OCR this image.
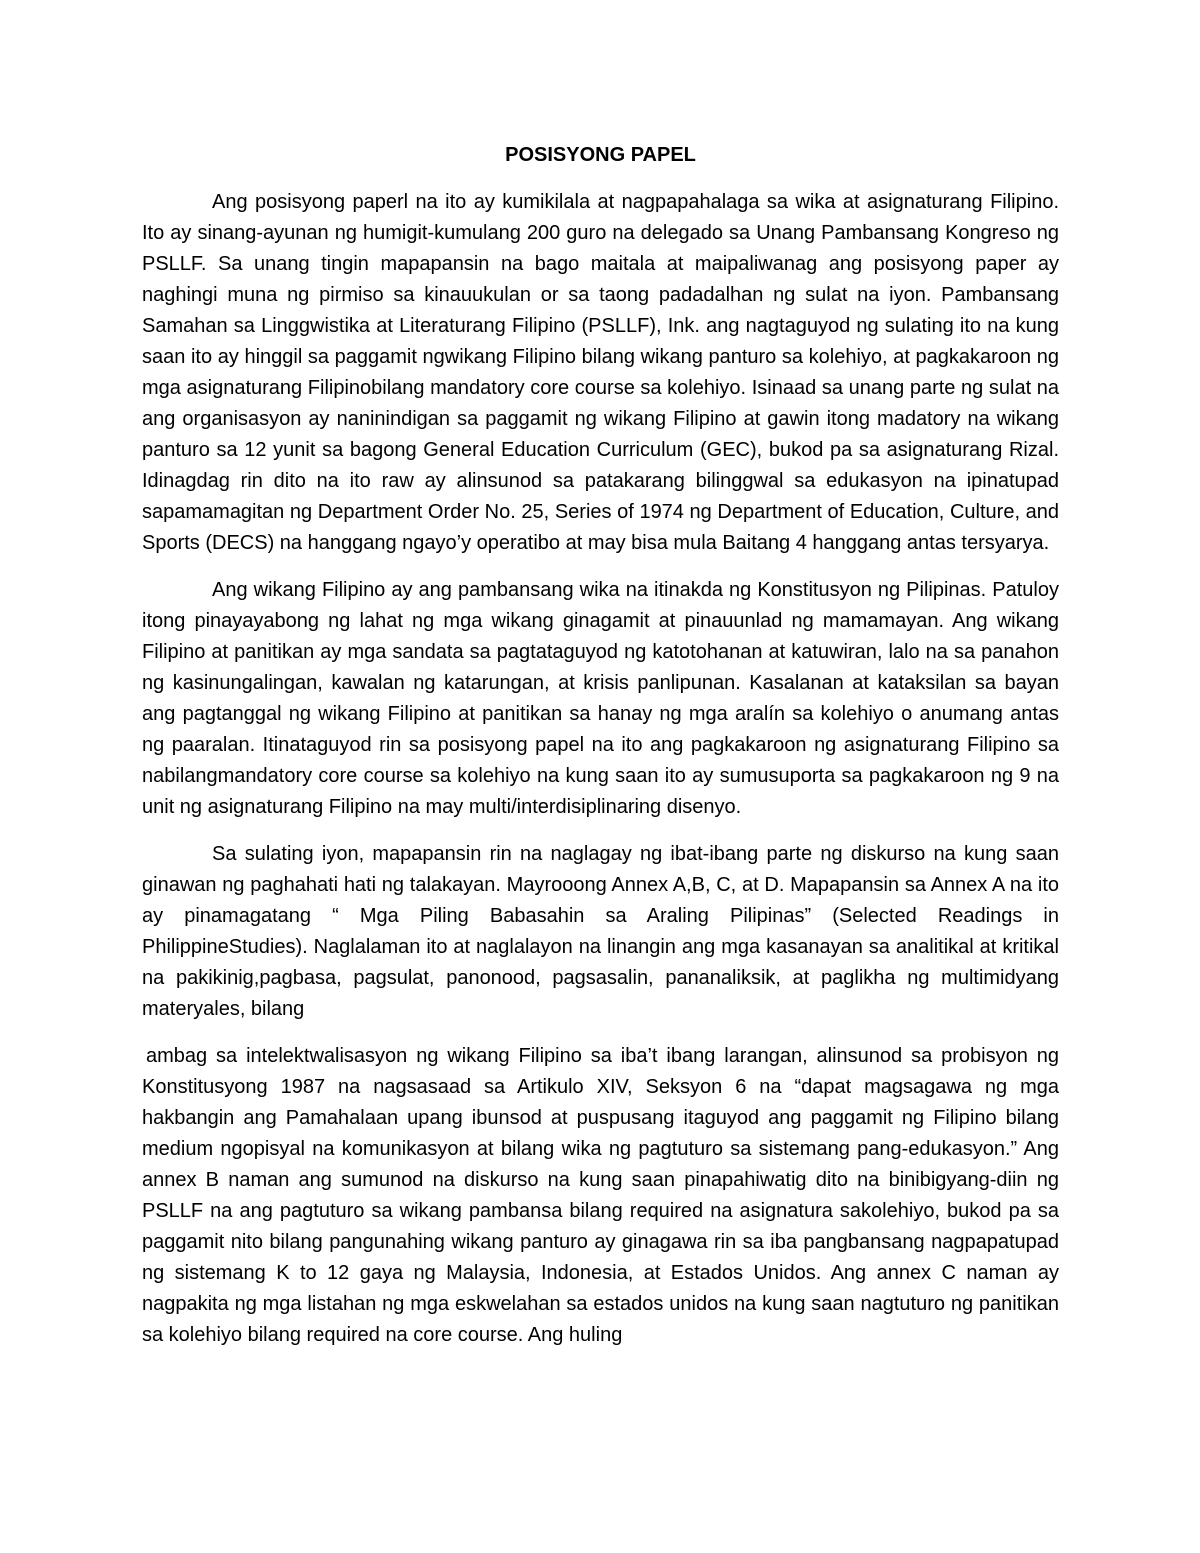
POSISYONG PAPEL

Ang posisyong paperl na ito ay kumikilala at nagpapahalaga sa wika at asignaturang Filipino. Ito ay sinang-ayunan ng humigit-kumulang 200 guro na delegado sa Unang Pambansang Kongreso ng PSLLF. Sa unang tingin mapapansin na bago maitala at maipaliwanag ang posisyong paper ay naghingi muna ng pirmiso sa kinauukulan or sa taong padadalhan ng sulat na iyon. Pambansang Samahan sa Linggwistika at Literaturang Filipino (PSLLF), Ink. ang nagtaguyod ng sulating ito na kung saan ito ay hinggil sa paggamit ngwikang Filipino bilang wikang panturo sa kolehiyo, at pagkakaroon ng mga asignaturang Filipinobilang mandatory core course sa kolehiyo. Isinaad sa unang parte ng sulat na ang organisasyon ay naninindigan sa paggamit ng wikang Filipino at gawin itong madatory na wikang panturo sa 12 yunit sa bagong General Education Curriculum (GEC), bukod pa sa asignaturang Rizal. Idinagdag rin dito na ito raw ay alinsunod sa patakarang bilinggwal sa edukasyon na ipinatupad sapamamagitan ng Department Order No. 25, Series of 1974 ng Department of Education, Culture, and Sports (DECS) na hanggang ngayo’y operatibo at may bisa mula Baitang 4 hanggang antas tersyarya.

Ang wikang Filipino ay ang pambansang wika na itinakda ng Konstitusyon ng Pilipinas. Patuloy itong pinayayabong ng lahat ng mga wikang ginagamit at pinauunlad ng mamamayan. Ang wikang Filipino at panitikan ay mga sandata sa pagtataguyod ng katotohanan at katuwiran, lalo na sa panahon ng kasinungalingan, kawalan ng katarungan, at krisis panlipunan. Kasalanan at kataksilan sa bayan ang pagtanggal ng wikang Filipino at panitikan sa hanay ng mga aralín sa kolehiyo o anumang antas ng paaralan. Itinataguyod rin sa posisyong papel na ito ang pagkakaroon ng asignaturang Filipino sa nabilangmandatory core course sa kolehiyo na kung saan ito ay sumusuporta sa pagkakaroon ng 9 na unit ng asignaturang Filipino na may multi/interdisiplinaring disenyo.

Sa sulating iyon, mapapansin rin na naglagay ng ibat-ibang parte ng diskurso na kung saan ginawan ng paghahati hati ng talakayan. Mayrooong Annex A,B, C, at D. Mapapansin sa Annex A na ito ay pinamagatang “ Mga Piling Babasahin sa Araling Pilipinas” (Selected Readings in PhilippineStudies). Naglalaman ito at naglalayon na linangin ang mga kasanayan sa analitikal at kritikal na pakikinig,pagbasa, pagsulat, panonood, pagsasalin, pananaliksik, at paglikha ng multimidyang materyales, bilang

ambag sa intelektwalisasyon ng wikang Filipino sa iba’t ibang larangan, alinsunod sa probisyon ng Konstitusyong 1987 na nagsasaad sa Artikulo XIV, Seksyon 6 na “dapat magsagawa ng mga hakbangin ang Pamahalaan upang ibunsod at puspusang itaguyod ang paggamit ng Filipino bilang medium ngopisyal na komunikasyon at bilang wika ng pagtuturo sa sistemang pang-edukasyon.” Ang annex B naman ang sumunod na diskurso na kung saan pinapahiwatig dito na binibigyang-diin ng PSLLF na ang pagtuturo sa wikang pambansa bilang required na asignatura sakolehiyo, bukod pa sa paggamit nito bilang pangunahing wikang panturo ay ginagawa rin sa iba pangbansang nagpapatupad ng sistemang K to 12 gaya ng Malaysia, Indonesia, at Estados Unidos. Ang annex C naman ay nagpakita ng mga listahan ng mga eskwelahan sa estados unidos na kung saan nagtuturo ng panitikan sa kolehiyo bilang required na core course. Ang huling
